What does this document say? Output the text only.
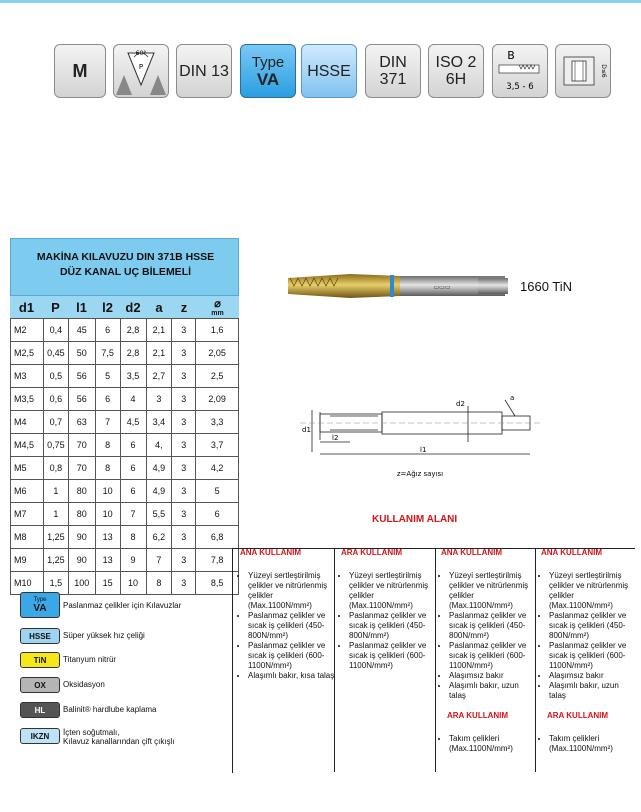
M
60°
P DIN 13 Type
VA HSSE DIN
371
ISO 2
6H
B
3,5 - 6
D≤6
MAKİNA KILAVUZU DIN 371B HSSE
DÜZ KANAL UÇ BİLEMELİ
d1 P l1 l2 d2 a z ⌀
mm

M2	0,4	45	6	2,8	2,1	3	1,6
M2,5	0,45	50	7,5	2,8	2,1	3	2,05
M3	0,5	56	5	3,5	2,7	3	2,5
M3,5	0,6	56	6	4	3	3	2,09
M4	0,7	63	7	4,5	3,4	3	3,3
M4,5	0,75	70	8	6	4,	3	3,7
M5	0,8	70	8	6	4,9	3	4,2
M6	1	80	10	6	4,9	3	5
M7	1	80	10	7	5,5	3	6
M8	1,25	90	13	8	6,2	3	6,8
M9	1,25	90	13	9	7	3	7,8
M10	1,5	100	15	10	8	3	8,5
▭▭▭	1660 TiN
d1
d2
l2
l1
a
z=Ağız sayısı
KULLANIM ALANI
ANA KULLANIM
• Yüzeyi sertleştirilmiş çelikler ve nitrürlenmiş çelikler (Max.1100N/mm²)
• Paslanmaz çelikler ve sıcak iş çelikleri (450-800N/mm²)
• Paslanmaz çelikler ve sıcak iş çelikleri (600-1100N/mm²)
• Alaşımlı bakır, kısa talaş
ARA KULLANIM
• Yüzeyi sertleştirilmiş çelikler ve nitrürlenmiş çelikler (Max.1100N/mm²)
• Paslanmaz çelikler ve sıcak iş çelikleri (450-800N/mm²)
• Paslanmaz çelikler ve sıcak iş çelikleri (600-1100N/mm²)
ANA KULLANIM
• Yüzeyi sertleştirilmiş çelikler ve nitrürlenmiş çelikler (Max.1100N/mm²)
• Paslanmaz çelikler ve sıcak iş çelikleri (450-800N/mm²)
• Paslanmaz çelikler ve sıcak iş çelikleri (600-1100N/mm²)
• Alaşımsız bakır
• Alaşımlı bakır, uzun talaş
ARA KULLANIM
• Takım çelikleri (Max.1100N/mm²)
ANA KULLANIM
• Yüzeyi sertleştirilmiş çelikler ve nitrürlenmiş çelikler (Max.1100N/mm²)
• Paslanmaz çelikler ve sıcak iş çelikleri (450-800N/mm²)
• Paslanmaz çelikler ve sıcak iş çelikleri (600-1100N/mm²)
• Alaşımsız bakır
• Alaşımlı bakır, uzun talaş
ARA KULLANIM
• Takım çelikleri (Max.1100N/mm²)
Type
VA Paslanmaz çelikler için Kılavuzlar
HSSE Süper yüksek hız çeliği
TiN Titanyum nitrür
OX Oksidasyon
HL Balinit® hardlube kaplama
IKZN İçten soğutmalı,
Kılavuz kanallarından çift çıkışlı
